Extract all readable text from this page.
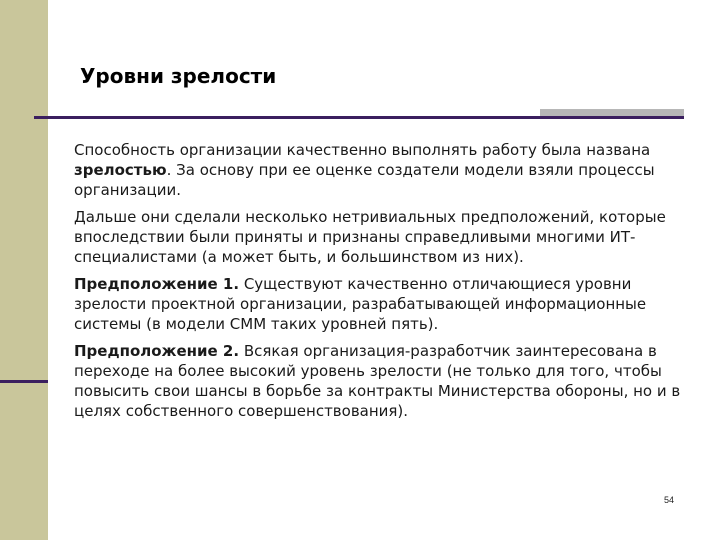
Уровни зрелости

Способность организации качественно выполнять работу была названа зрелостью. За основу при ее оценке создатели модели взяли процессы организации.

Дальше они сделали несколько нетривиальных предположений, которые впоследствии были приняты и признаны справедливыми многими ИТ-специалистами (а может быть, и большинством из них).

Предположение 1. Существуют качественно отличающиеся уровни зрелости проектной организации, разрабатывающей информационные системы (в модели СММ таких уровней пять).

Предположение 2. Всякая организация-разработчик заинтересована в переходе на более высокий уровень зрелости (не только для того, чтобы повысить свои шансы в борьбе за контракты Министерства обороны, но и в целях собственного совершенствования).

54
